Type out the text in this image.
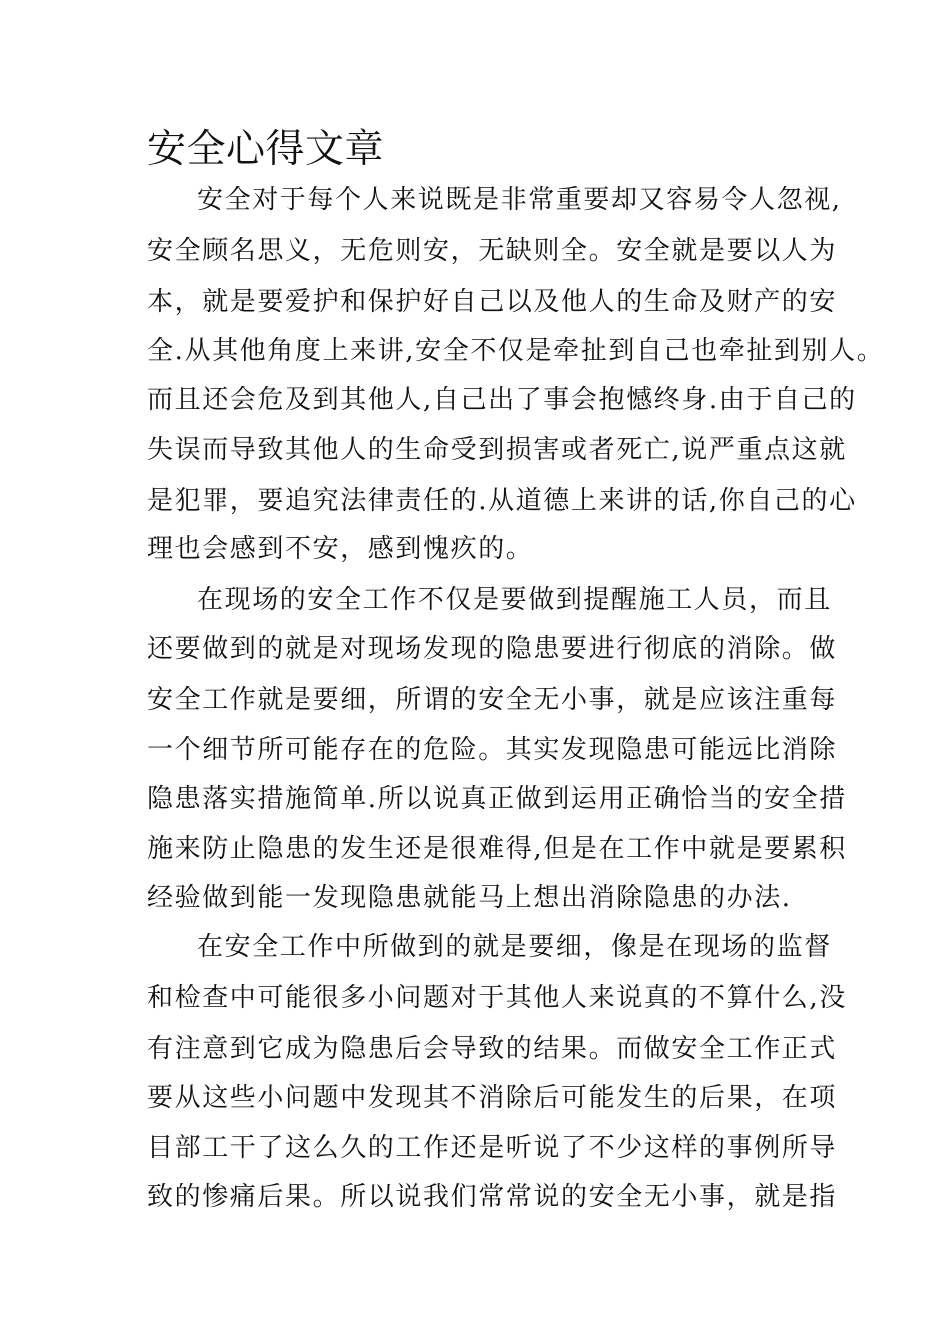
安全心得文章

安全对于每个人来说既是非常重要却又容易令人忽视,

安全顾名思义，无危则安，无缺则全。安全就是要以人为

本，就是要爱护和保护好自己以及他人的生命及财产的安

全.从其他角度上来讲,安全不仅是牵扯到自己也牵扯到别人。

而且还会危及到其他人,自己出了事会抱憾终身.由于自己的

失误而导致其他人的生命受到损害或者死亡,说严重点这就

是犯罪，要追究法律责任的.从道德上来讲的话,你自己的心

理也会感到不安，感到愧疚的。

在现场的安全工作不仅是要做到提醒施工人员，而且

还要做到的就是对现场发现的隐患要进行彻底的消除。做

安全工作就是要细，所谓的安全无小事，就是应该注重每

一个细节所可能存在的危险。其实发现隐患可能远比消除

隐患落实措施简单.所以说真正做到运用正确恰当的安全措

施来防止隐患的发生还是很难得,但是在工作中就是要累积

经验做到能一发现隐患就能马上想出消除隐患的办法.

在安全工作中所做到的就是要细，像是在现场的监督

和检查中可能很多小问题对于其他人来说真的不算什么,没

有注意到它成为隐患后会导致的结果。而做安全工作正式

要从这些小问题中发现其不消除后可能发生的后果，在项

目部工干了这么久的工作还是听说了不少这样的事例所导

致的惨痛后果。所以说我们常常说的安全无小事，就是指
